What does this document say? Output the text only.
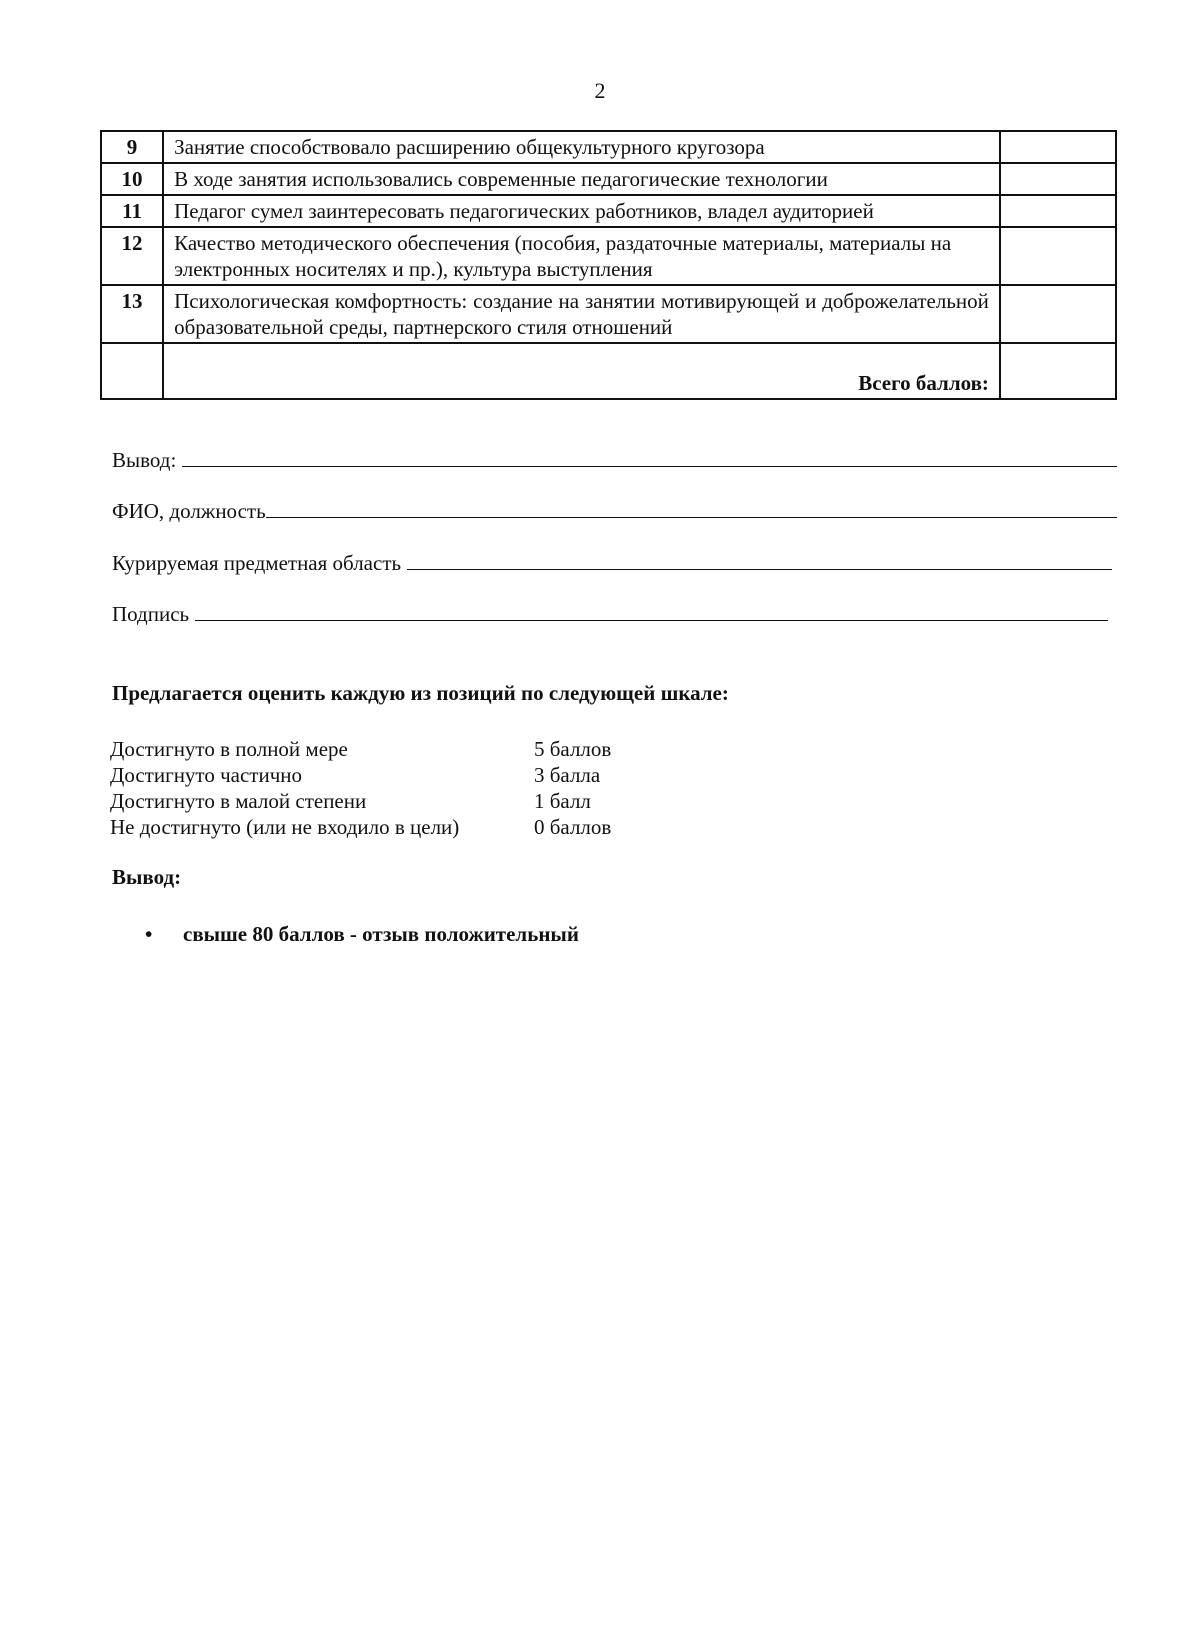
2
9	Занятие способствовало расширению общекультурного кругозора	
10	В ходе занятия использовались современные педагогические технологии	
11	Педагог сумел заинтересовать педагогических работников, владел аудиторией	
12	Качество методического обеспечения (пособия, раздаточные материалы, материалы на электронных носителях и пр.), культура выступления	
13	Психологическая комфортность: создание на занятии мотивирующей и доброжелательной образовательной среды, партнерского стиля отношений	
	Всего баллов:	
Вывод:
ФИО, должность
Курируемая предметная область
Подпись
Предлагается оценить каждую из позиций по следующей шкале:
Достигнуто в полной мере	5 баллов
Достигнуто частично	3 балла
Достигнуто в малой степени	1 балл
Не достигнуто (или не входило в цели)	0 баллов
Вывод:
•	свыше 80 баллов - отзыв положительный
